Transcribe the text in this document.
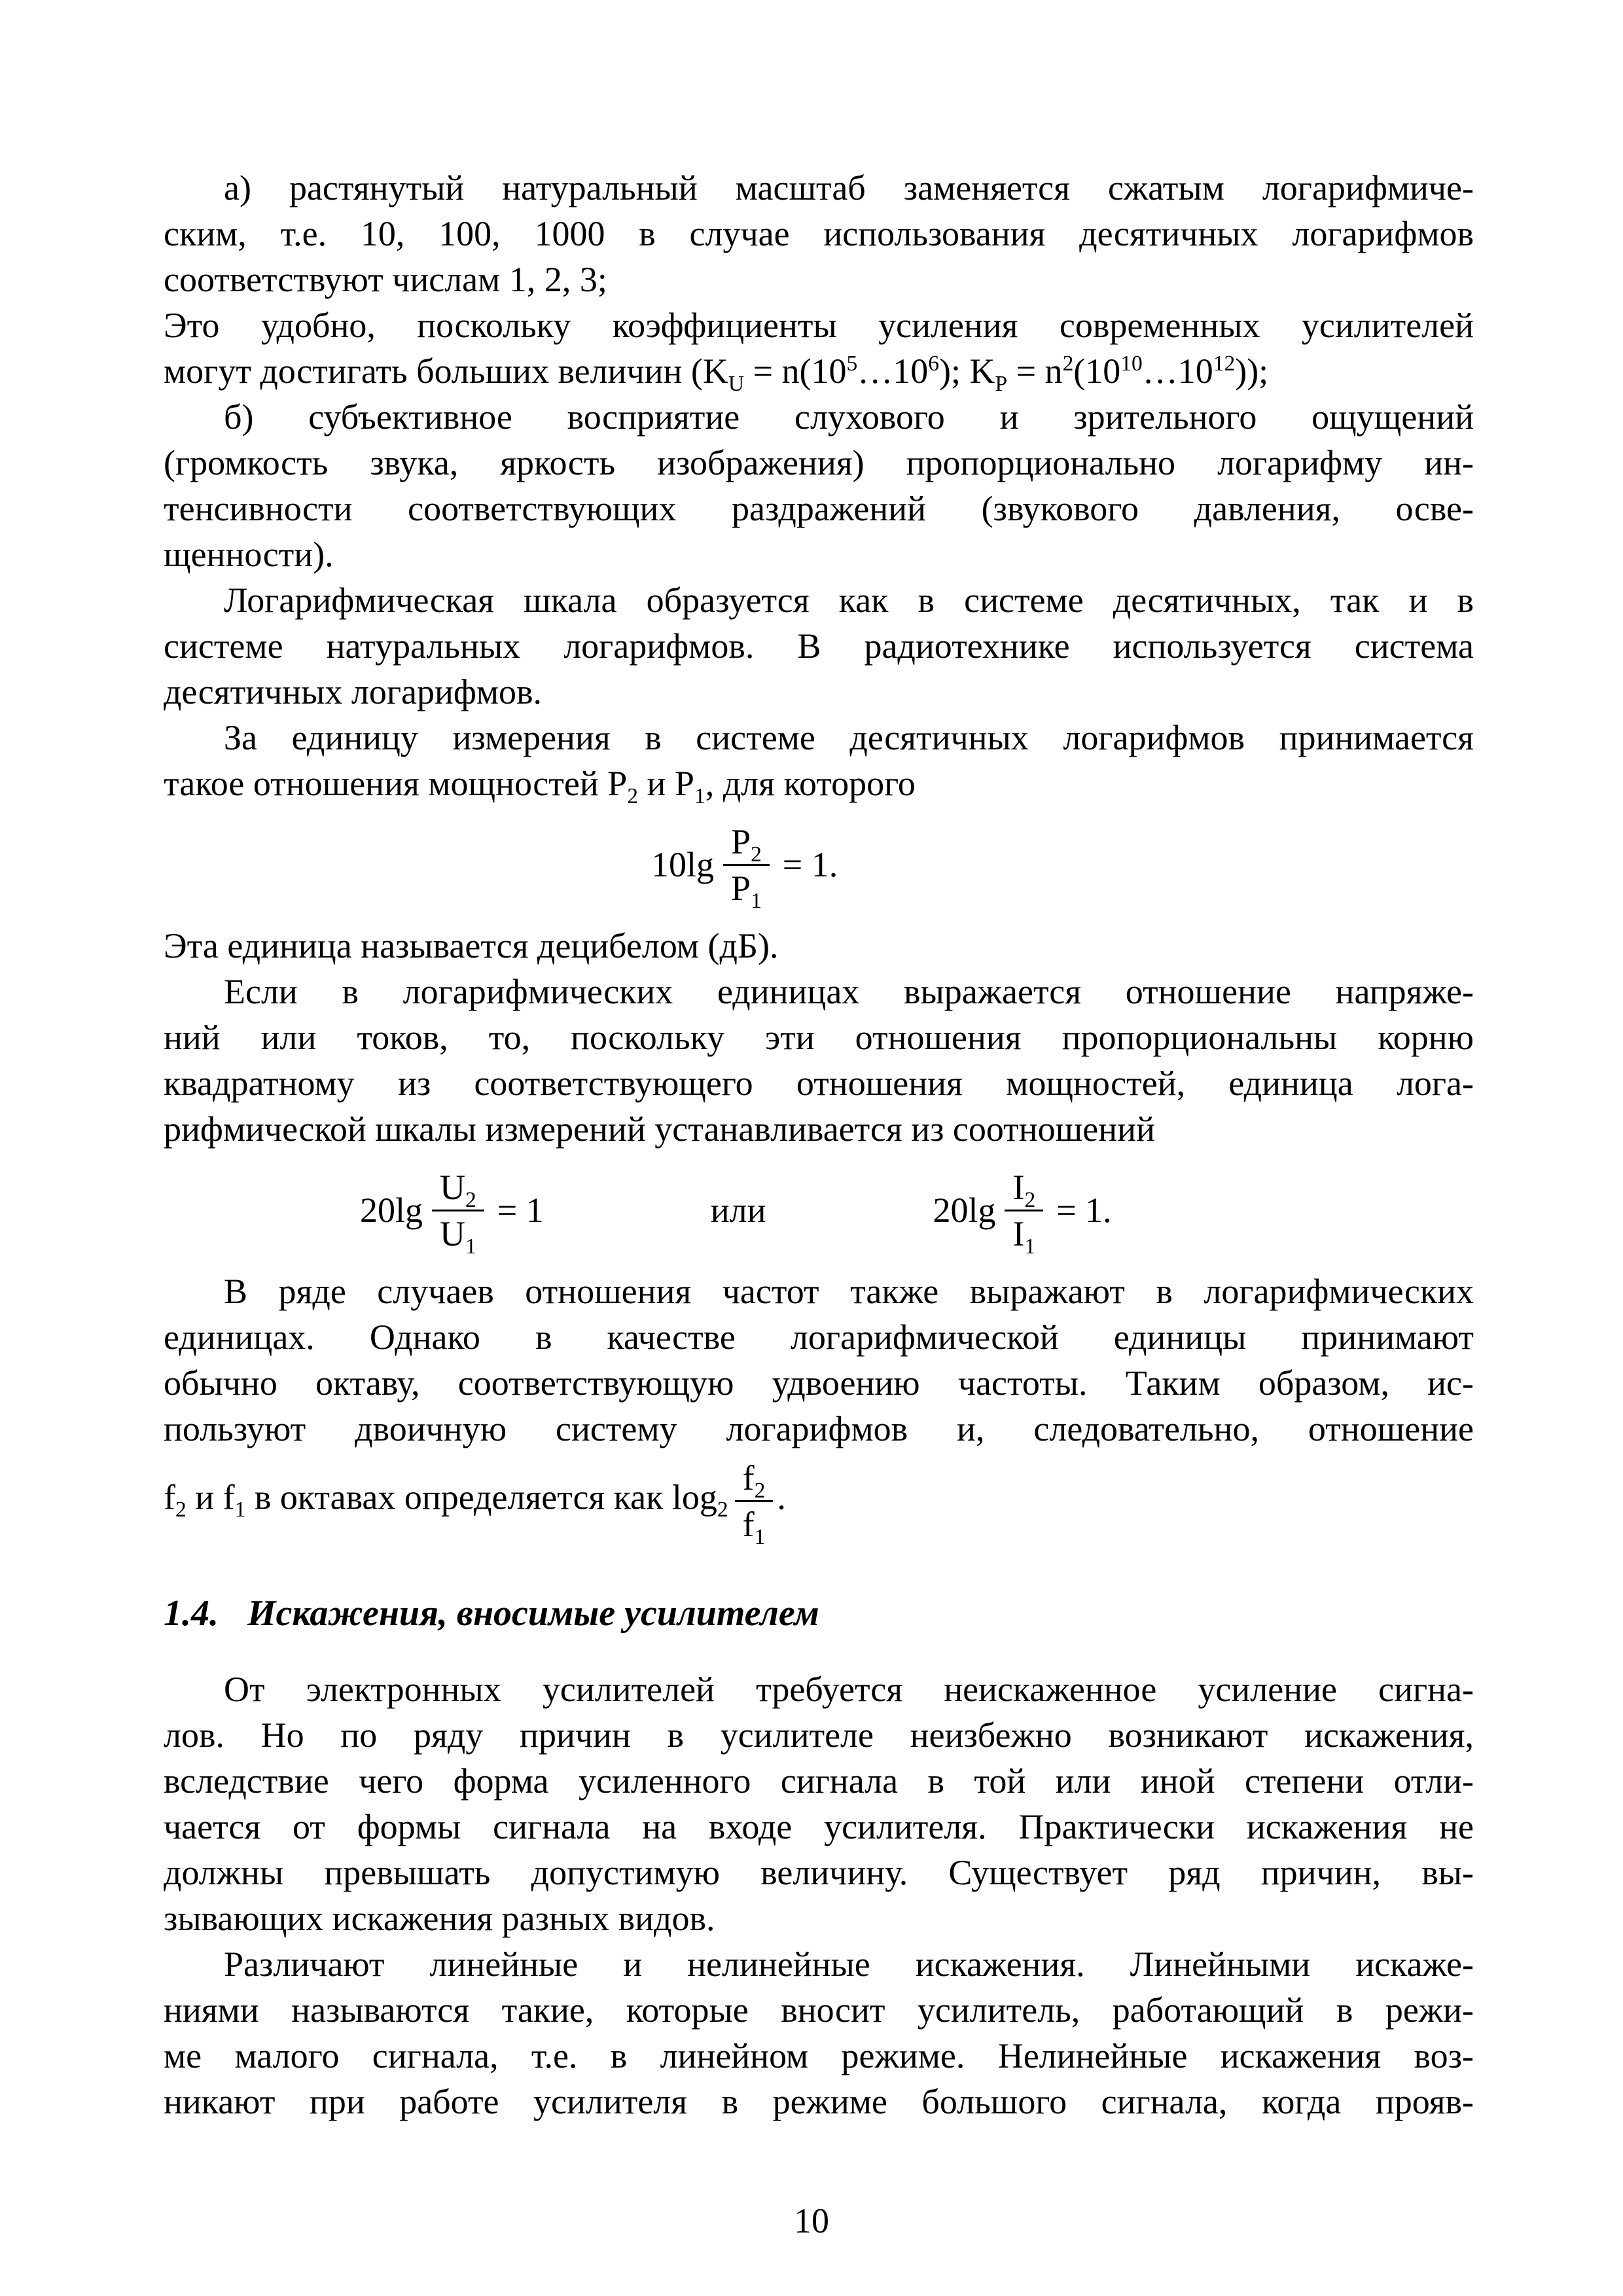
а) растянутый натуральный масштаб заменяется сжатым логарифмиче-
ским, т.е. 10, 100, 1000 в случае использования десятичных логарифмов
соответствуют числам 1, 2, 3;
Это удобно, поскольку коэффициенты усиления современных усилителей
могут достигать больших величин ($K_U$ = $n(10^5\dots 10^6)$; $K_P$ = $n^2(10^{10}\dots 10^{12})$);
б) субъективное восприятие слухового и зрительного ощущений
(громкость звука, яркость изображения) пропорционально логарифму ин-
тенсивности соответствующих раздражений (звукового давления, осве-
щенности).
Логарифмическая шкала образуется как в системе десятичных, так и в
системе натуральных логарифмов. В радиотехнике используется система
десятичных логарифмов.
За единицу измерения в системе десятичных логарифмов принимается
такое отношения мощностей $P_2$ и $P_1$, для которого
$10\lg \frac{P_2}{P_1} = 1$.
Эта единица называется децибелом (дБ).
Если в логарифмических единицах выражается отношение напряже-
ний или токов, то, поскольку эти отношения пропорциональны корню
квадратному из соответствующего отношения мощностей, единица лога-
рифмической шкалы измерений устанавливается из соотношений
$20\lg \frac{U_2}{U_1} = 1$	или	$20\lg \frac{I_2}{I_1} = 1$.
В ряде случаев отношения частот также выражают в логарифмических
единицах. Однако в качестве логарифмической единицы принимают
обычно октаву, соответствующую удвоению частоты. Таким образом, ис-
пользуют двоичную систему логарифмов и, следовательно, отношение
$f_2$ и $f_1$ в октавах определяется как $\log_2 \frac{f_2}{f_1}$ .
1.4. Искажения, вносимые усилителем
От электронных усилителей требуется неискаженное усиление сигна-
лов. Но по ряду причин в усилителе неизбежно возникают искажения,
вследствие чего форма усиленного сигнала в той или иной степени отли-
чается от формы сигнала на входе усилителя. Практически искажения не
должны превышать допустимую величину. Существует ряд причин, вы-
зывающих искажения разных видов.
Различают линейные и нелинейные искажения. Линейными искаже-
ниями называются такие, которые вносит усилитель, работающий в режи-
ме малого сигнала, т.е. в линейном режиме. Нелинейные искажения воз-
никают при работе усилителя в режиме большого сигнала, когда прояв-
10
